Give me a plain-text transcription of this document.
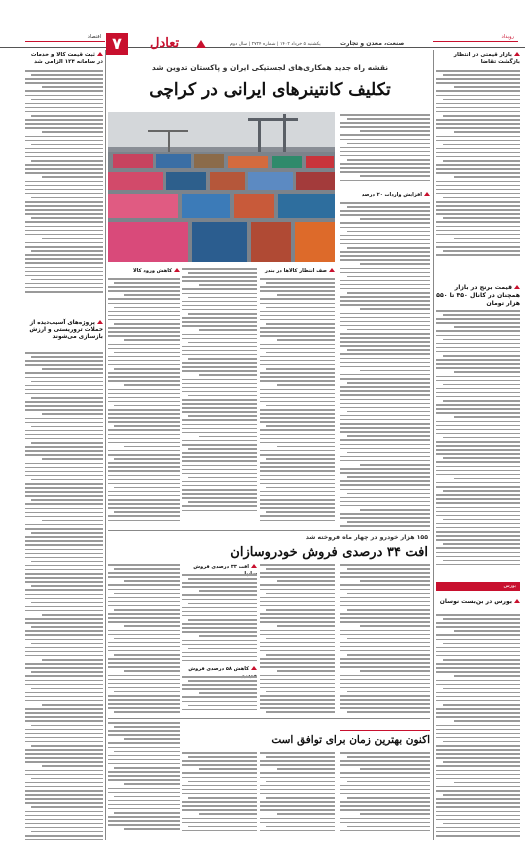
۷	تعادل	یکشنبه ۵ خرداد ۱۴۰۲ | شماره ۲۷۲۴ | سال دوم	صنعت، معدن و تجارت
اقتصاد	رویداد
ثبت قیمت کالا و خدمات در سامانه ۱۲۴ الزامی شد
پروژه‌های آسیب‌دیده از حملات تروریستی و ارزش بازسازی می‌شوند
بازار قیمتی در انتظار بازگشت تقاضا
قیمت برنج در بازار همچنان در کانال ۴۵۰ تا ۵۵۰ هزار تومان
بورس
بورس در بن‌بست نوسان
نقشه راه جدید همکاری‌های لجستیکی ایران و پاکستان تدوین شد
تکلیف کانتینرهای ایرانی در کراچی
افزایش واردات ۲۰ درصد
صف انتظار کالاها در بندر
کاهش ورود کالا
۱۵۵ هزار خودرو در چهار ماه فروخته شد
افت ۳۴ درصدی فروش خودروسازان
افت ۳۳ درصدی فروش
کاهش ۵۸ درصدی فروش
اکنون بهترین زمان برای توافق است
